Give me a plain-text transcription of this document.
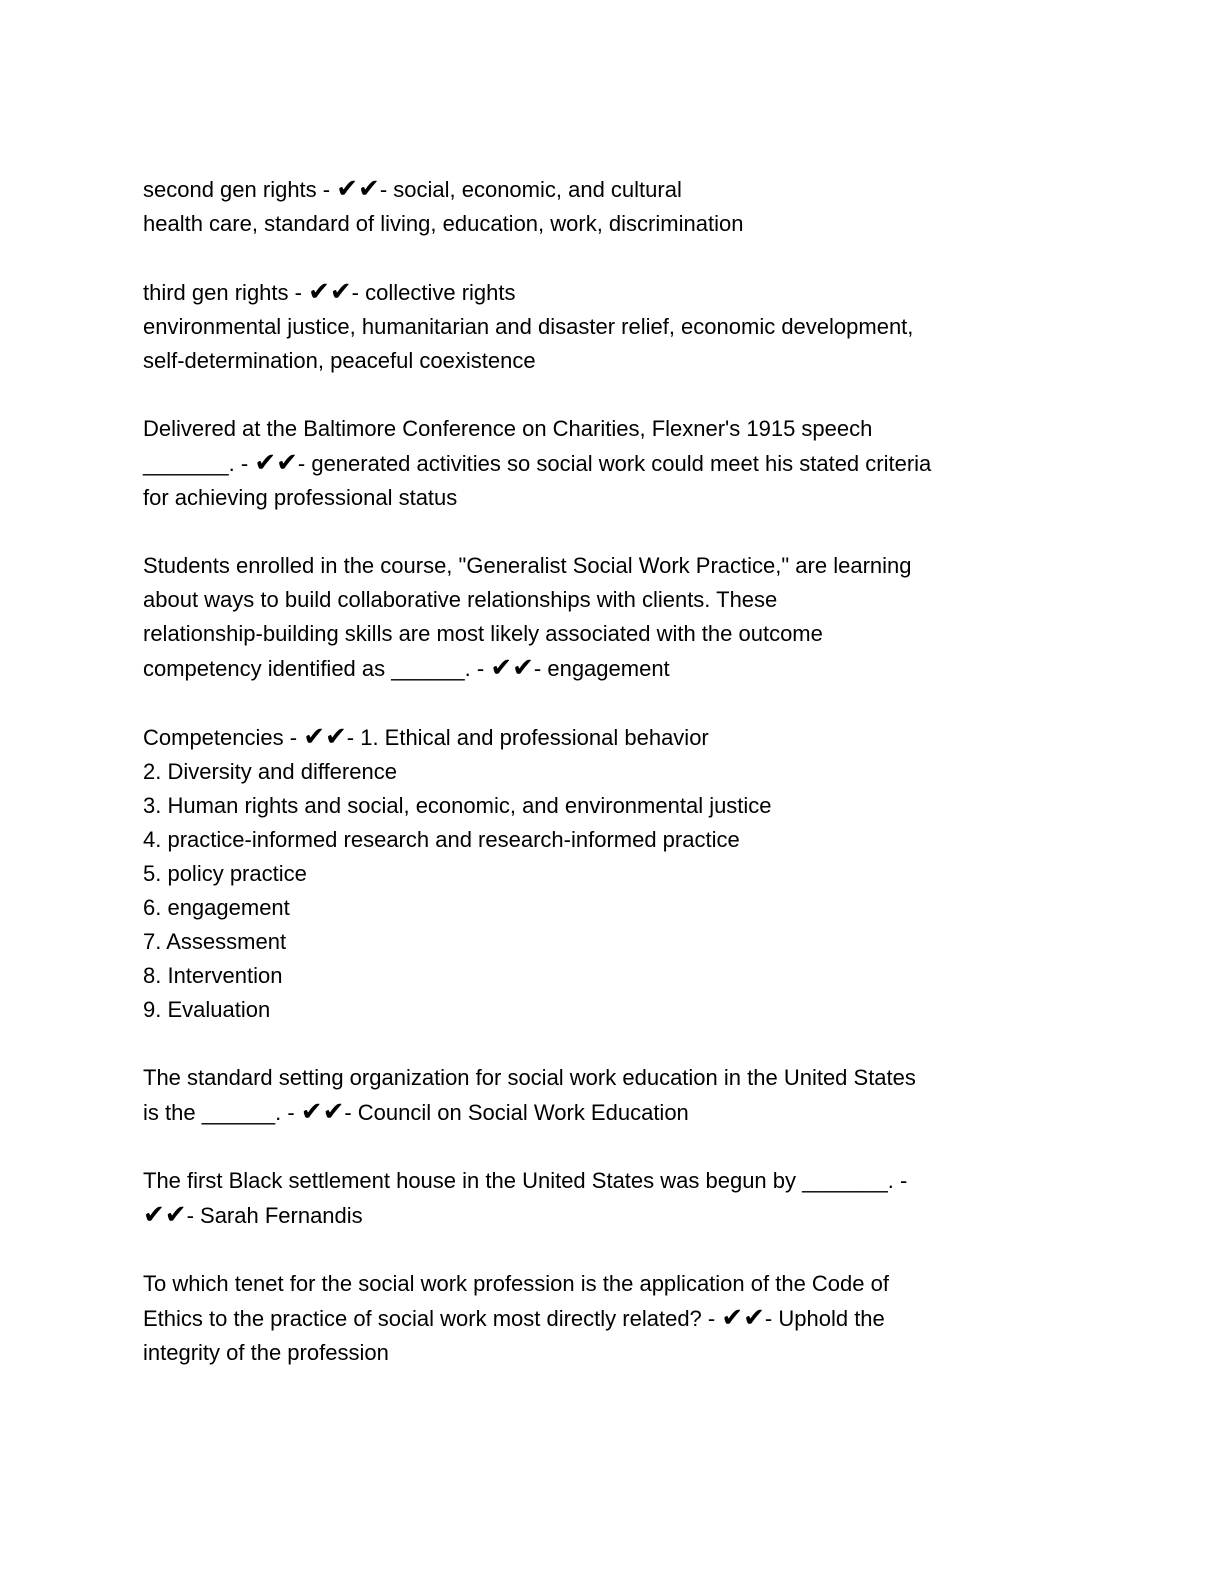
second gen rights - ✔✔- social, economic, and cultural
health care, standard of living, education, work, discrimination
third gen rights - ✔✔- collective rights
environmental justice, humanitarian and disaster relief, economic development,
self-determination, peaceful coexistence
Delivered at the Baltimore Conference on Charities, Flexner's 1915 speech
_______. - ✔✔- generated activities so social work could meet his stated criteria
for achieving professional status
Students enrolled in the course, "Generalist Social Work Practice," are learning
about ways to build collaborative relationships with clients. These
relationship-building skills are most likely associated with the outcome
competency identified as ______. - ✔✔- engagement
Competencies - ✔✔- 1. Ethical and professional behavior
2. Diversity and difference
3. Human rights and social, economic, and environmental justice
4. practice-informed research and research-informed practice
5. policy practice
6. engagement
7. Assessment
8. Intervention
9. Evaluation
The standard setting organization for social work education in the United States
is the ______. - ✔✔- Council on Social Work Education
The first Black settlement house in the United States was begun by _______. -
✔✔- Sarah Fernandis
To which tenet for the social work profession is the application of the Code of
Ethics to the practice of social work most directly related? - ✔✔- Uphold the
integrity of the profession
